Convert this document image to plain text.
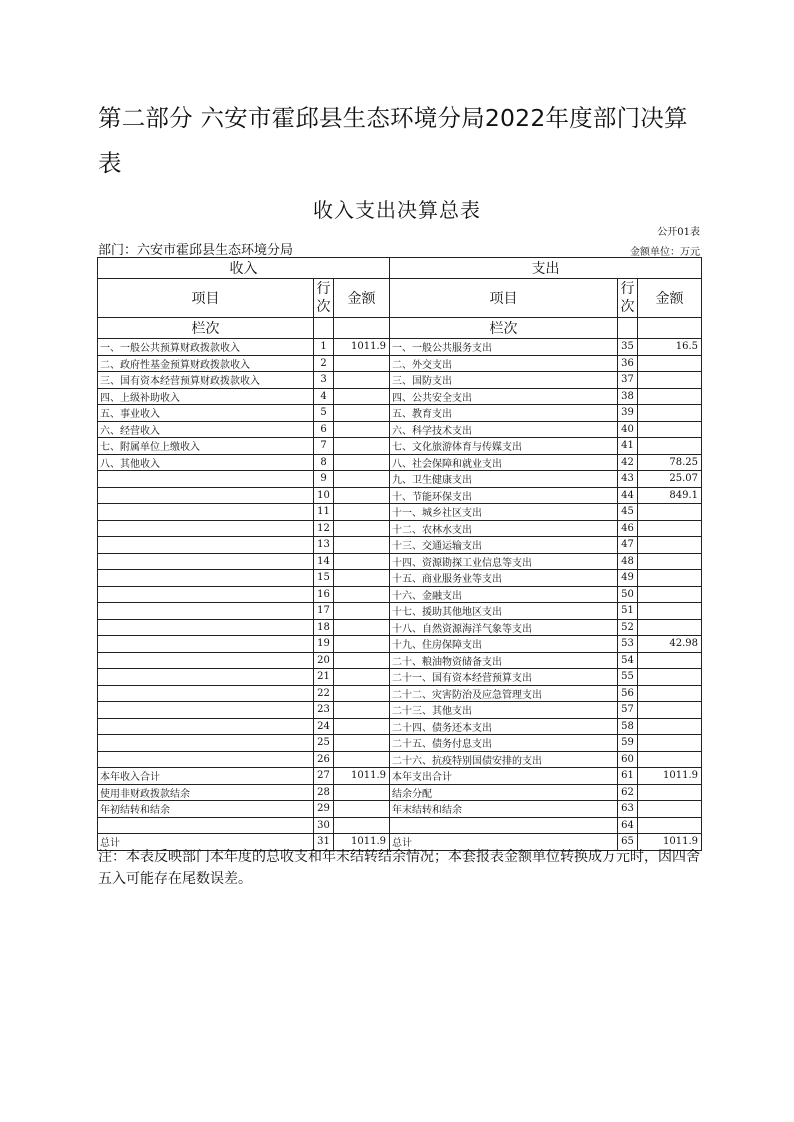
第二部分 六安市霍邱县生态环境分局2022年度部门决算表
收入支出决算总表
公开01表
部门：六安市霍邱县生态环境分局	金额单位：万元
收入			支出		
项目	行次	金额	项目	行次	金额
栏次			栏次		
一、一般公共预算财政拨款收入	1	1011.9	一、一般公共服务支出	35	16.5
二、政府性基金预算财政拨款收入	2		二、外交支出	36	
三、国有资本经营预算财政拨款收入	3		三、国防支出	37	
四、上级补助收入	4		四、公共安全支出	38	
五、事业收入	5		五、教育支出	39	
六、经营收入	6		六、科学技术支出	40	
七、附属单位上缴收入	7		七、文化旅游体育与传媒支出	41	
八、其他收入	8		八、社会保障和就业支出	42	78.25
	9		九、卫生健康支出	43	25.07
	10		十、节能环保支出	44	849.1
	11		十一、城乡社区支出	45	
	12		十二、农林水支出	46	
	13		十三、交通运输支出	47	
	14		十四、资源勘探工业信息等支出	48	
	15		十五、商业服务业等支出	49	
	16		十六、金融支出	50	
	17		十七、援助其他地区支出	51	
	18		十八、自然资源海洋气象等支出	52	
	19		十九、住房保障支出	53	42.98
	20		二十、粮油物资储备支出	54	
	21		二十一、国有资本经营预算支出	55	
	22		二十二、灾害防治及应急管理支出	56	
	23		二十三、其他支出	57	
	24		二十四、债务还本支出	58	
	25		二十五、债务付息支出	59	
	26		二十六、抗疫特别国债安排的支出	60	
本年收入合计	27	1011.9	本年支出合计	61	1011.9
使用非财政拨款结余	28		结余分配	62	
年初结转和结余	29		年末结转和结余	63	
	30			64	
总计	31	1011.9	总计	65	1011.9
注：本表反映部门本年度的总收支和年末结转结余情况；本套报表金额单位转换成万元时，因四舍五入可能存在尾数误差。
